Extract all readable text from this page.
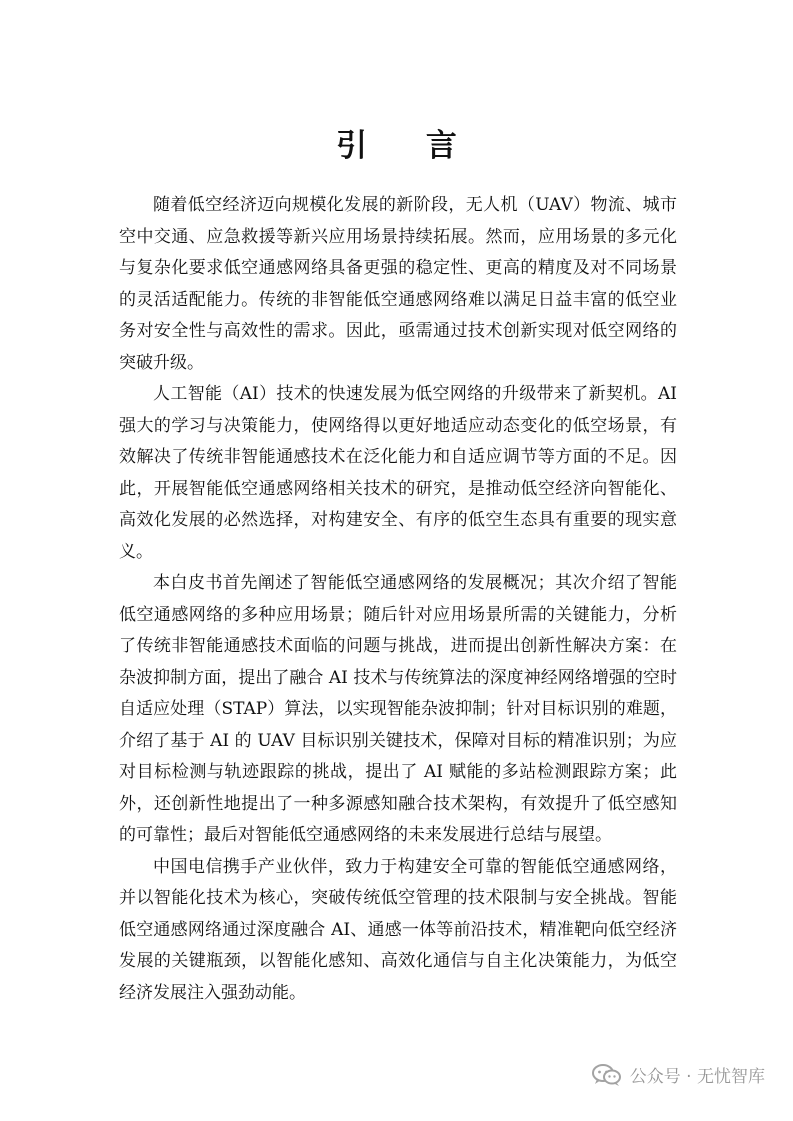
引 言

随着低空经济迈向规模化发展的新阶段，无人机（UAV）物流、城市空中交通、应急救援等新兴应用场景持续拓展。然而，应用场景的多元化与复杂化要求低空通感网络具备更强的稳定性、更高的精度及对不同场景的灵活适配能力。传统的非智能低空通感网络难以满足日益丰富的低空业务对安全性与高效性的需求。因此，亟需通过技术创新实现对低空网络的突破升级。

人工智能（AI）技术的快速发展为低空网络的升级带来了新契机。AI 强大的学习与决策能力，使网络得以更好地适应动态变化的低空场景，有效解决了传统非智能通感技术在泛化能力和自适应调节等方面的不足。因此，开展智能低空通感网络相关技术的研究，是推动低空经济向智能化、高效化发展的必然选择，对构建安全、有序的低空生态具有重要的现实意义。

本白皮书首先阐述了智能低空通感网络的发展概况；其次介绍了智能低空通感网络的多种应用场景；随后针对应用场景所需的关键能力，分析了传统非智能通感技术面临的问题与挑战，进而提出创新性解决方案：在杂波抑制方面，提出了融合 AI 技术与传统算法的深度神经网络增强的空时自适应处理（STAP）算法，以实现智能杂波抑制；针对目标识别的难题，介绍了基于 AI 的 UAV 目标识别关键技术，保障对目标的精准识别；为应对目标检测与轨迹跟踪的挑战，提出了 AI 赋能的多站检测跟踪方案；此外，还创新性地提出了一种多源感知融合技术架构，有效提升了低空感知的可靠性；最后对智能低空通感网络的未来发展进行总结与展望。

中国电信携手产业伙伴，致力于构建安全可靠的智能低空通感网络，并以智能化技术为核心，突破传统低空管理的技术限制与安全挑战。智能低空通感网络通过深度融合 AI、通感一体等前沿技术，精准靶向低空经济发展的关键瓶颈，以智能化感知、高效化通信与自主化决策能力，为低空经济发展注入强劲动能。

公众号 · 无忧智库
